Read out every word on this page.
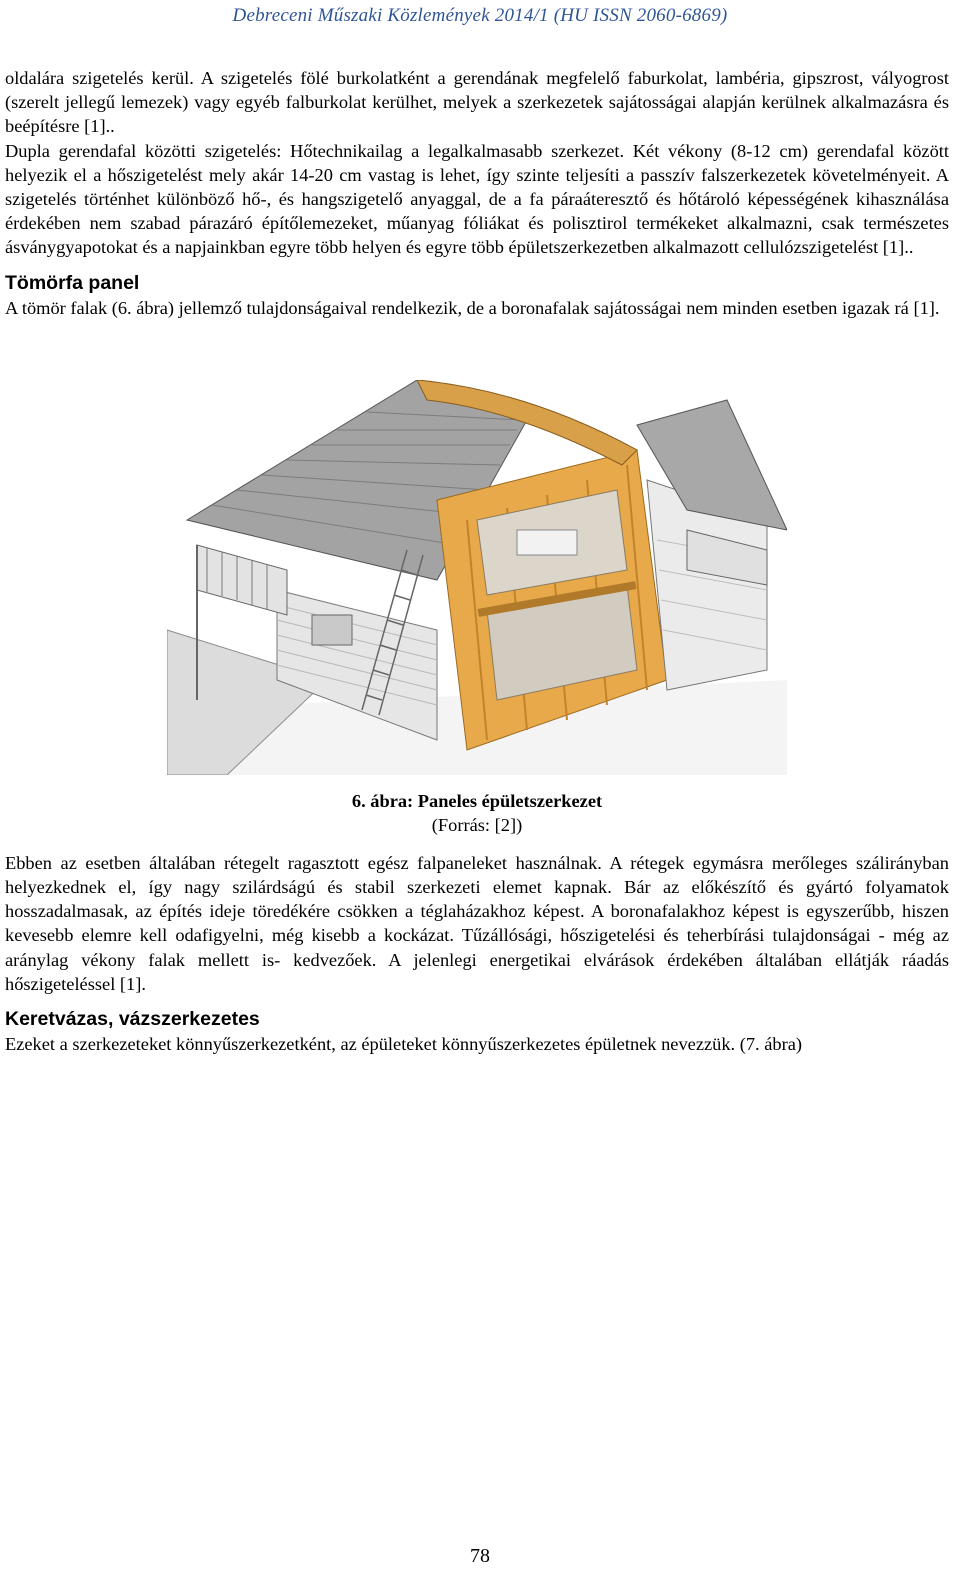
Debreceni Műszaki Közlemények 2014/1 (HU ISSN 2060-6869)

oldalára szigetelés kerül. A szigetelés fölé burkolatként a gerendának megfelelő faburkolat, lambéria, gipszrost, vályogrost (szerelt jellegű lemezek) vagy egyéb falburkolat kerülhet, melyek a szerkezetek sajátosságai alapján kerülnek alkalmazásra és beépítésre [1]..

Dupla gerendafal közötti szigetelés: Hőtechnikailag a legalkalmasabb szerkezet. Két vékony (8-12 cm) gerendafal között helyezik el a hőszigetelést mely akár 14-20 cm vastag is lehet, így szinte teljesíti a passzív falszerkezetek követelményeit. A szigetelés történhet különböző hő-, és hangszigetelő anyaggal, de a fa páraáteresztő és hőtároló képességének kihasználása érdekében nem szabad párazáró építőlemezeket, műanyag fóliákat és polisztirol termékeket alkalmazni, csak természetes ásványgyapotokat és a napjainkban egyre több helyen és egyre több épületszerkezetben alkalmazott cellulózszigetelést [1]..

Tömörfa panel

A tömör falak (6. ábra) jellemző tulajdonságaival rendelkezik, de a boronafalak sajátosságai nem minden esetben igazak rá [1].

6. ábra: Paneles épületszerkezet

(Forrás: [2])

Ebben az esetben általában rétegelt ragasztott egész falpaneleket használnak. A rétegek egymásra merőleges szálirányban helyezkednek el, így nagy szilárdságú és stabil szerkezeti elemet kapnak. Bár az előkészítő és gyártó folyamatok hosszadalmasak, az építés ideje töredékére csökken a téglaházakhoz képest. A boronafalakhoz képest is egyszerűbb, hiszen kevesebb elemre kell odafigyelni, még kisebb a kockázat. Tűzállósági, hőszigetelési és teherbírási tulajdonságai - még az aránylag vékony falak mellett is- kedvezőek. A jelenlegi energetikai elvárások érdekében általában ellátják ráadás hőszigeteléssel [1].

Keretvázas, vázszerkezetes

Ezeket a szerkezeteket könnyűszerkezetként, az épületeket könnyűszerkezetes épületnek nevezzük. (7. ábra)

78
